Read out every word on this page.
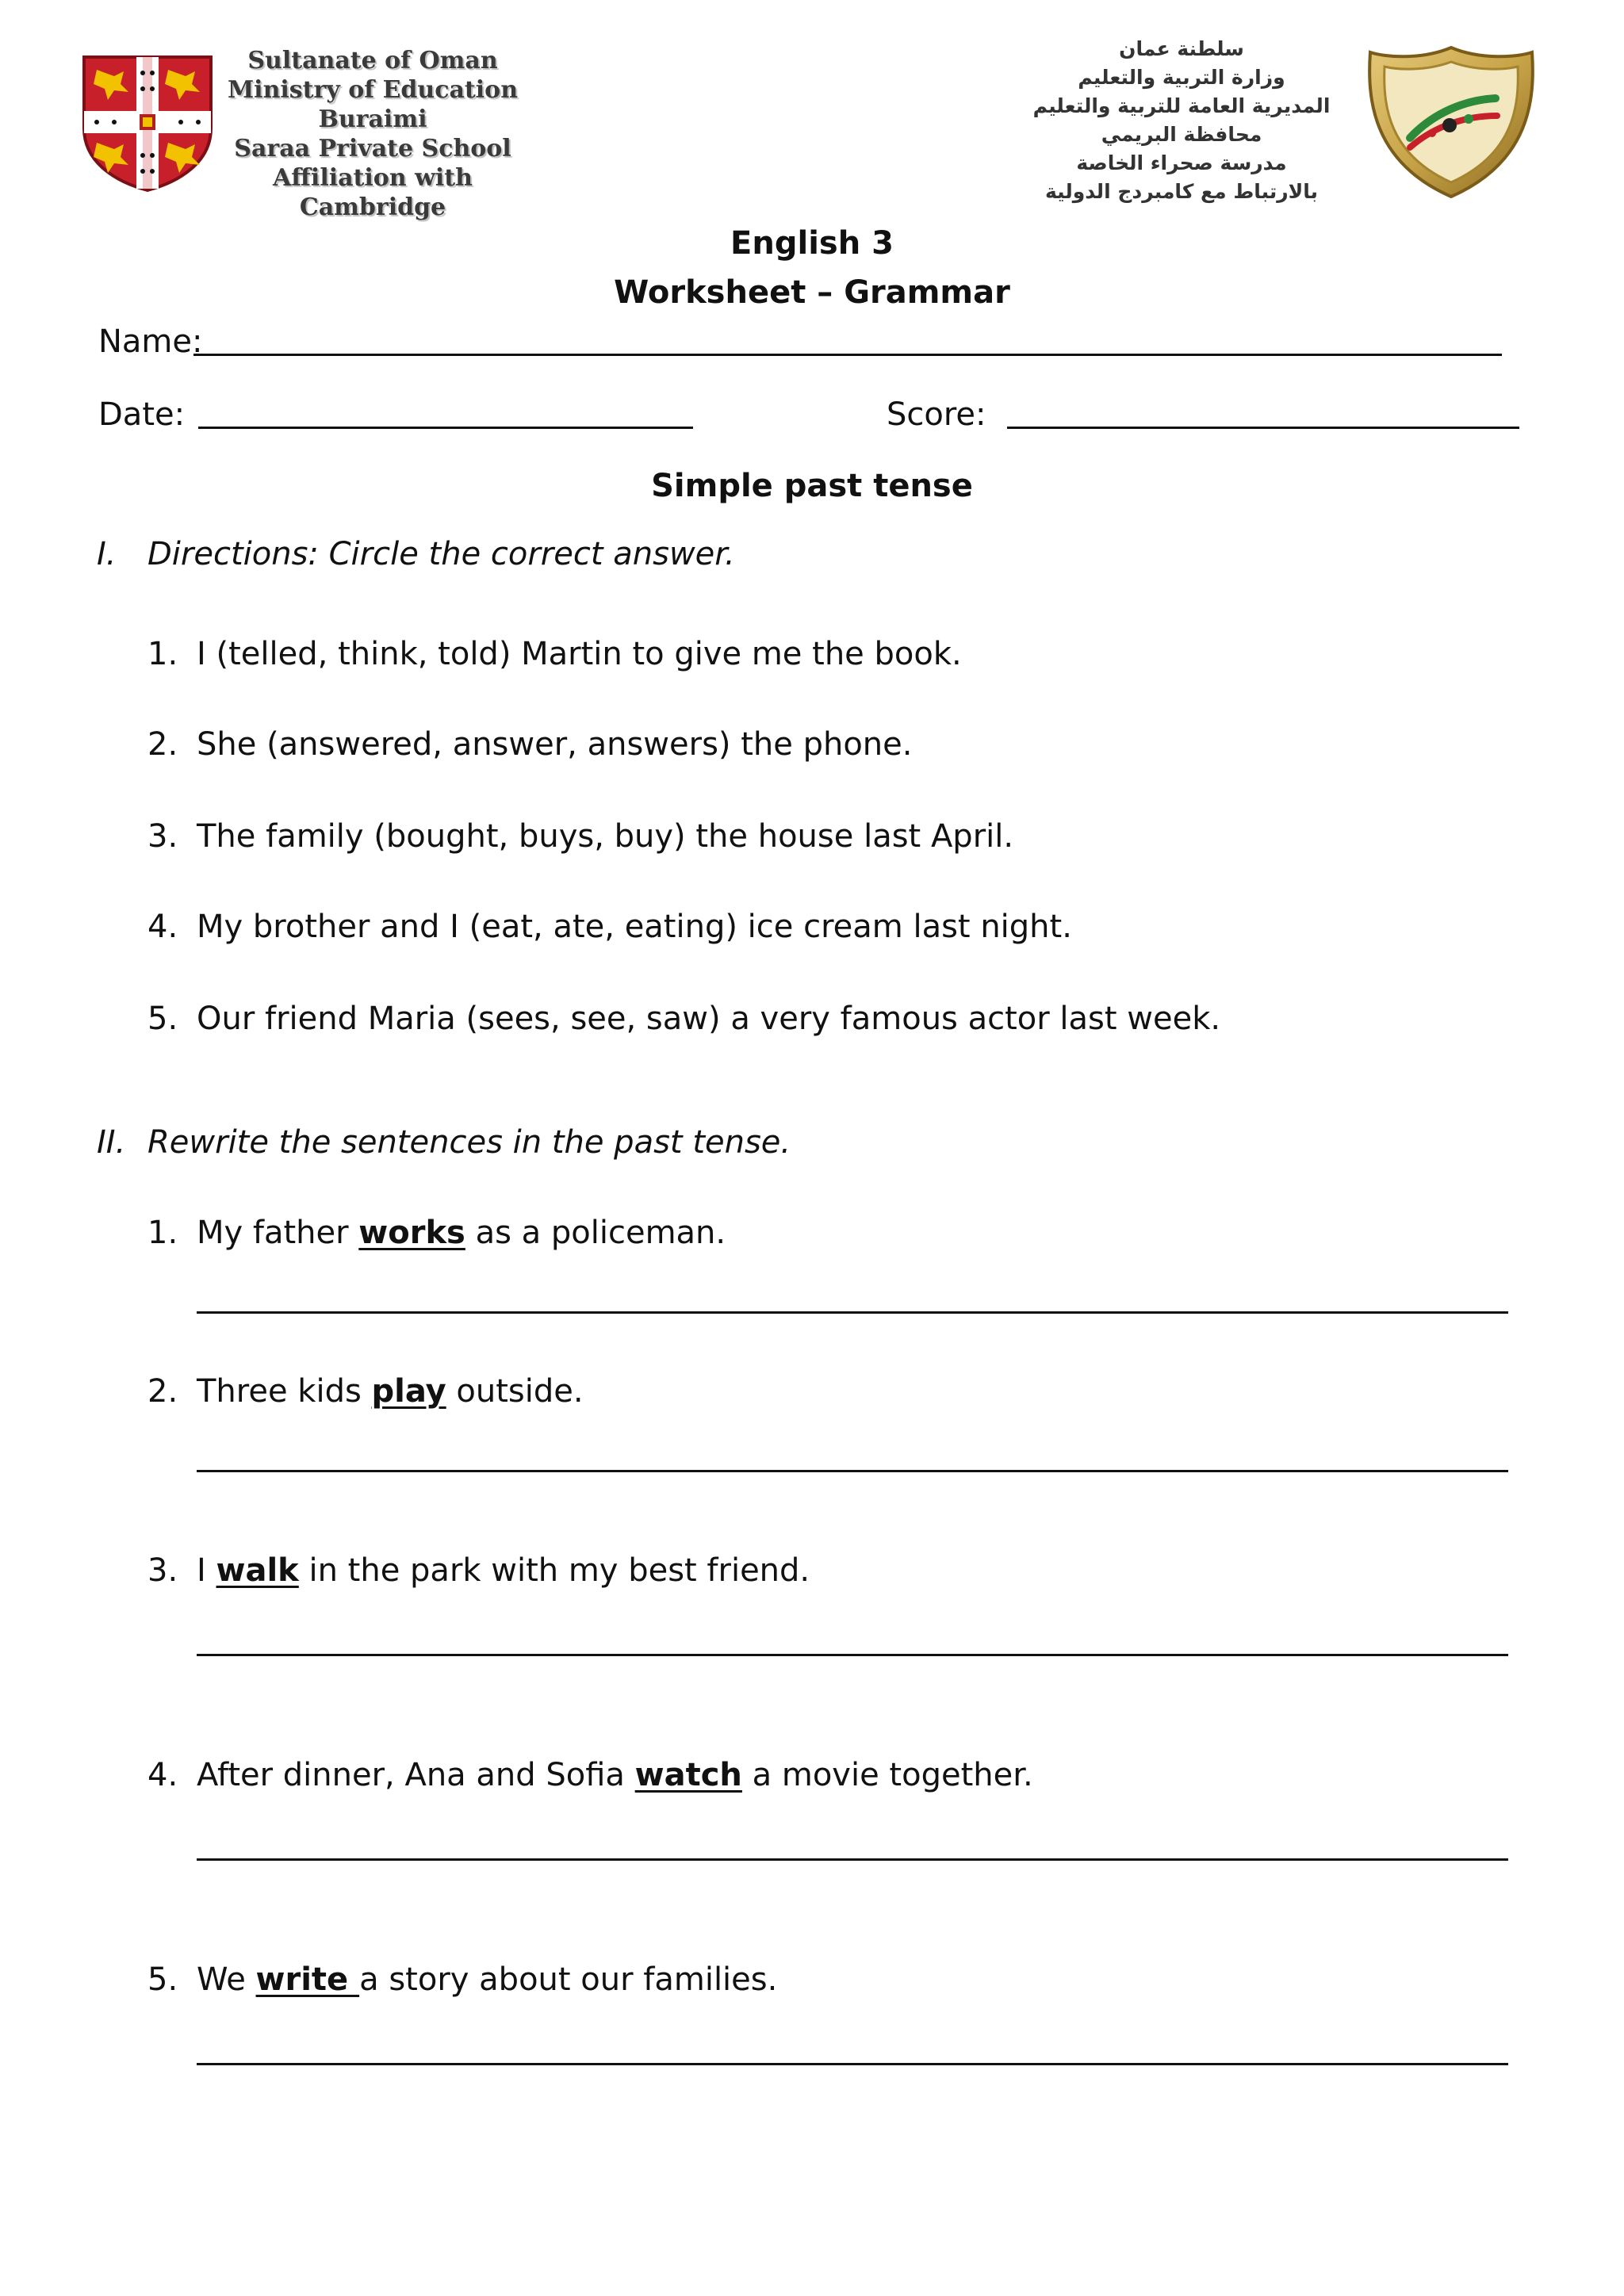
Sultanate of Oman
Ministry of Education
Buraimi
Saraa Private School
Affiliation with Cambridge
سلطنة عمان
وزارة التربية والتعليم
المديرية العامة للتربية والتعليم
محافظة البريمي
مدرسة صحراء الخاصة
بالارتباط مع كامبردج الدولية
English 3
Worksheet – Grammar
Name:
Date:	Score:
Simple past tense
I. Directions: Circle the correct answer.
1. I (telled, think, told) Martin to give me the book.
2. She (answered, answer, answers) the phone.
3. The family (bought, buys, buy) the house last April.
4. My brother and I (eat, ate, eating) ice cream last night.
5. Our friend Maria (sees, see, saw) a very famous actor last week.
II. Rewrite the sentences in the past tense.
1. My father works as a policeman.
2. Three kids play outside.
3. I walk in the park with my best friend.
4. After dinner, Ana and Sofia watch a movie together.
5. We write a story about our families.
